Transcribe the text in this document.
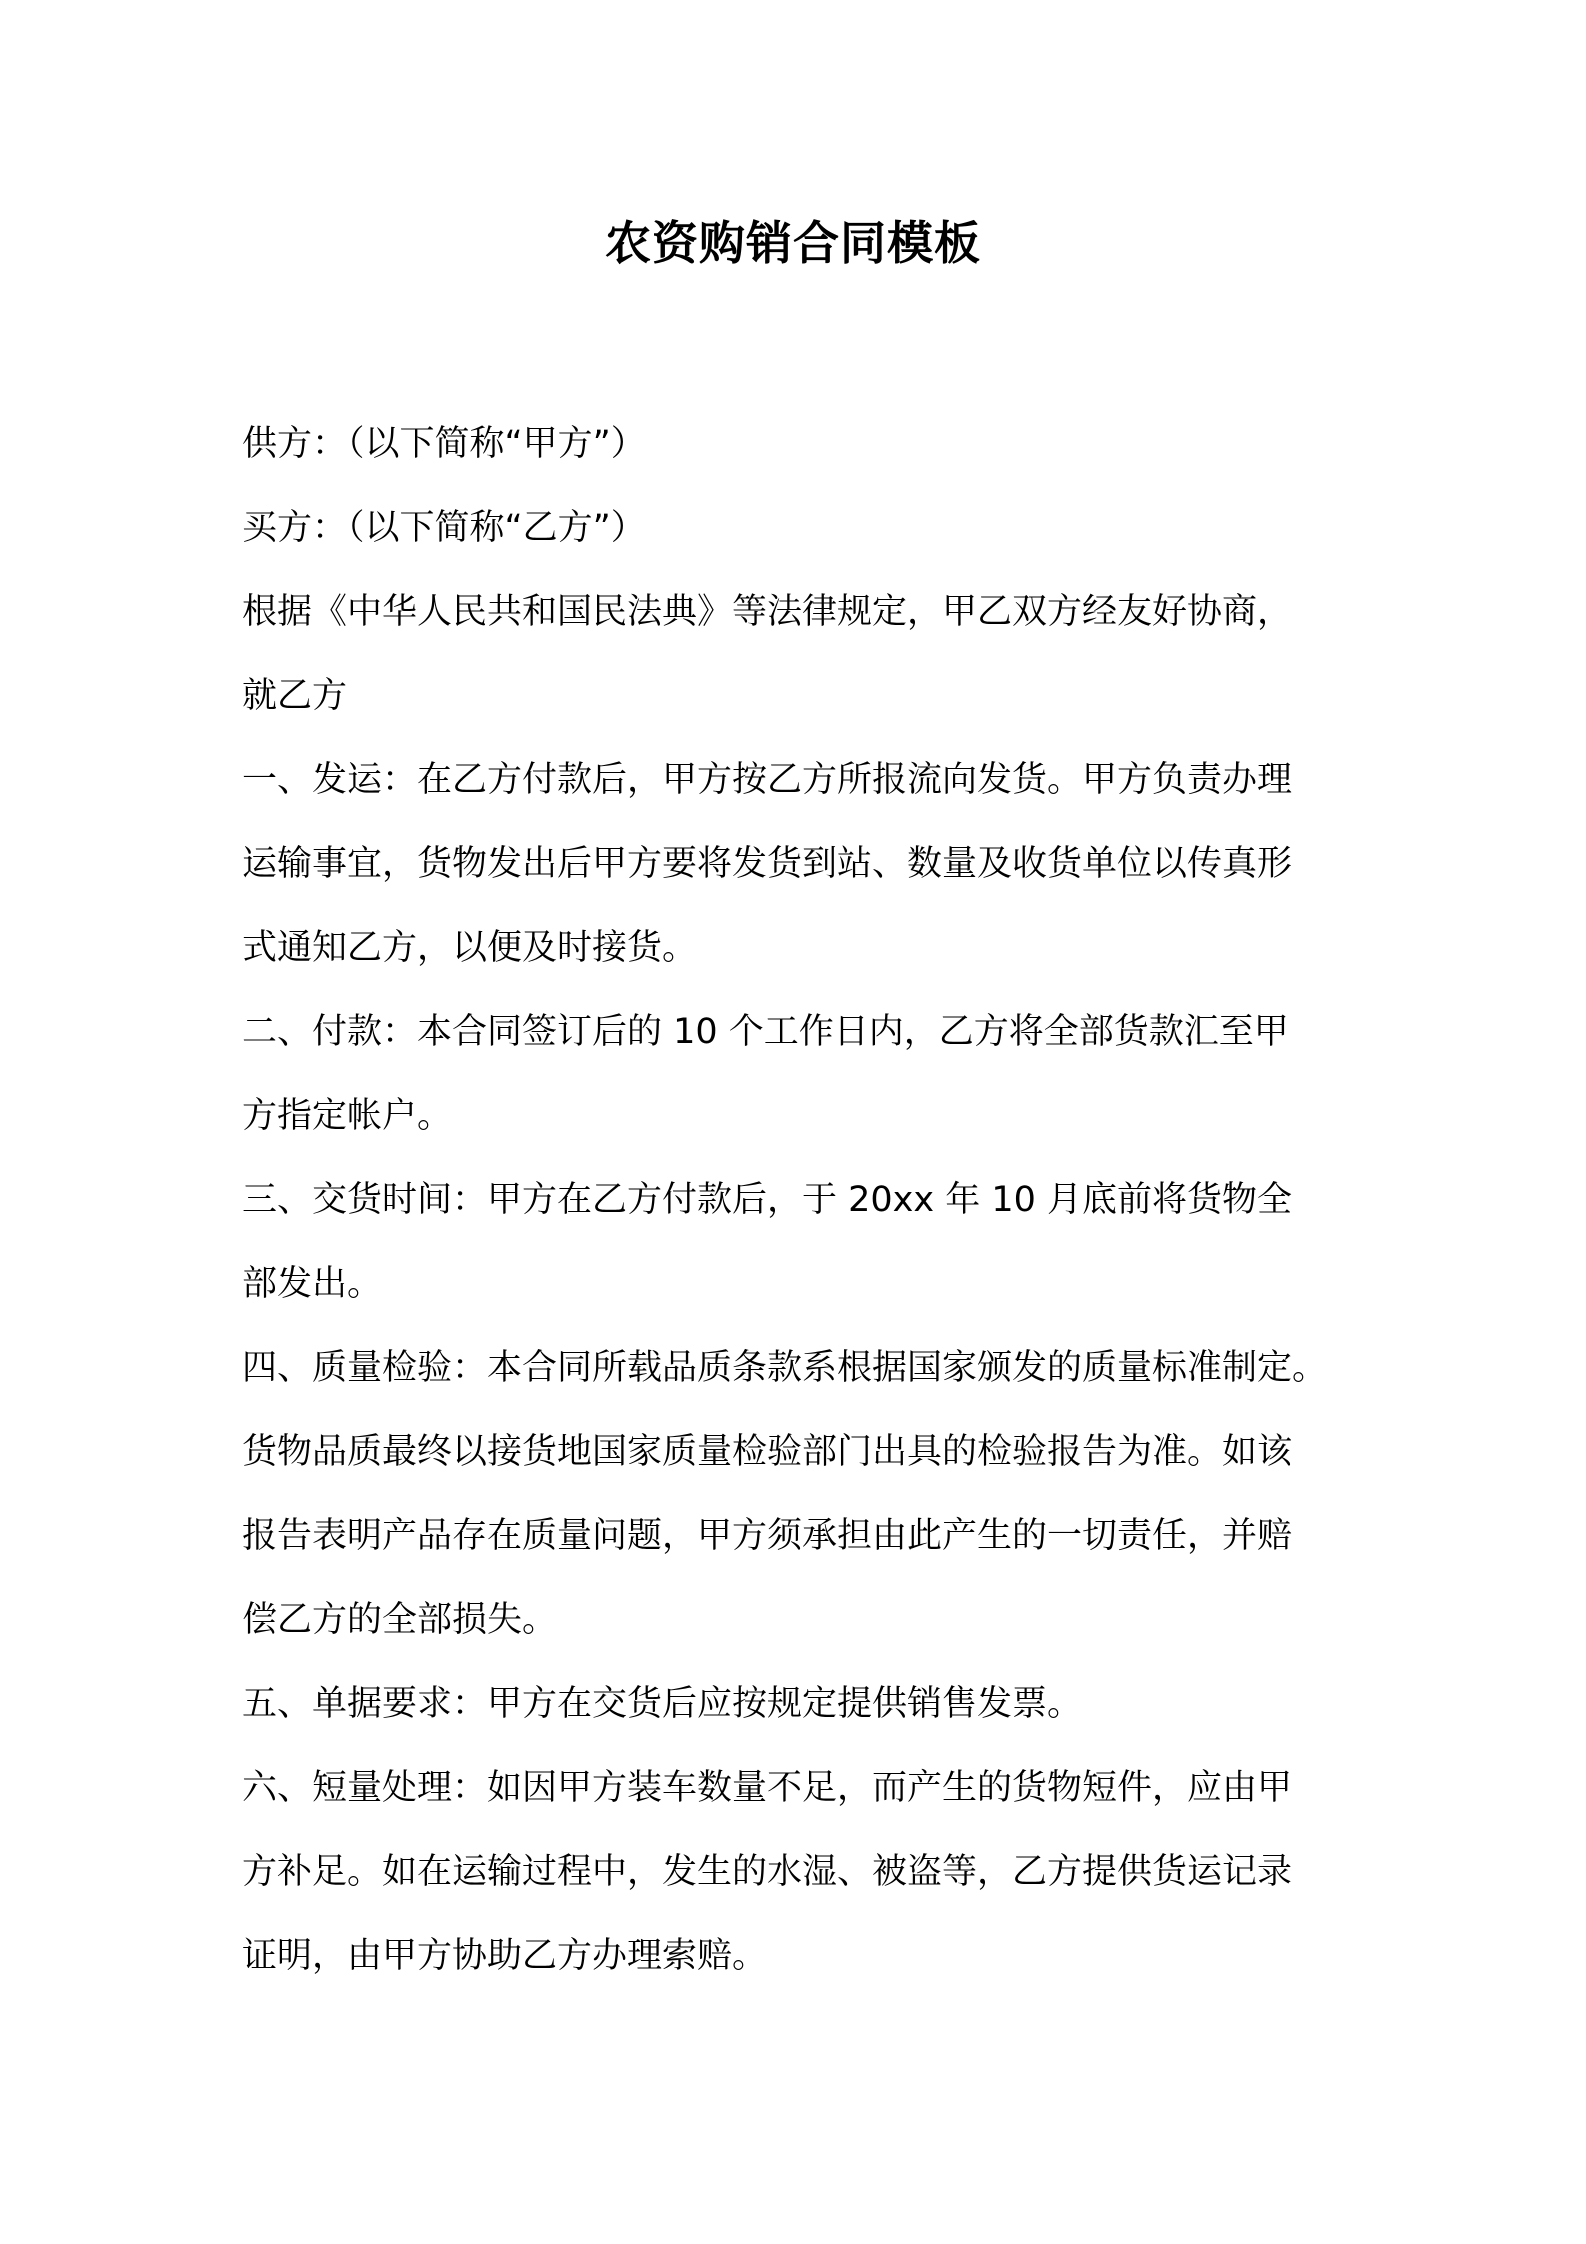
农资购销合同模板
供方：（以下简称“甲方”）
买方：（以下简称“乙方”）
根据《中华人民共和国民法典》等法律规定，甲乙双方经友好协商，
就乙方
一、发运：在乙方付款后，甲方按乙方所报流向发货。甲方负责办理
运输事宜，货物发出后甲方要将发货到站、数量及收货单位以传真形
式通知乙方，以便及时接货。
二、付款：本合同签订后的 10 个工作日内，乙方将全部货款汇至甲
方指定帐户。
三、交货时间：甲方在乙方付款后，于 20xx 年 10 月底前将货物全
部发出。
四、质量检验：本合同所载品质条款系根据国家颁发的质量标准制定。
货物品质最终以接货地国家质量检验部门出具的检验报告为准。如该
报告表明产品存在质量问题，甲方须承担由此产生的一切责任，并赔
偿乙方的全部损失。
五、单据要求：甲方在交货后应按规定提供销售发票。
六、短量处理：如因甲方装车数量不足，而产生的货物短件，应由甲
方补足。如在运输过程中，发生的水湿、被盗等，乙方提供货运记录
证明，由甲方协助乙方办理索赔。
